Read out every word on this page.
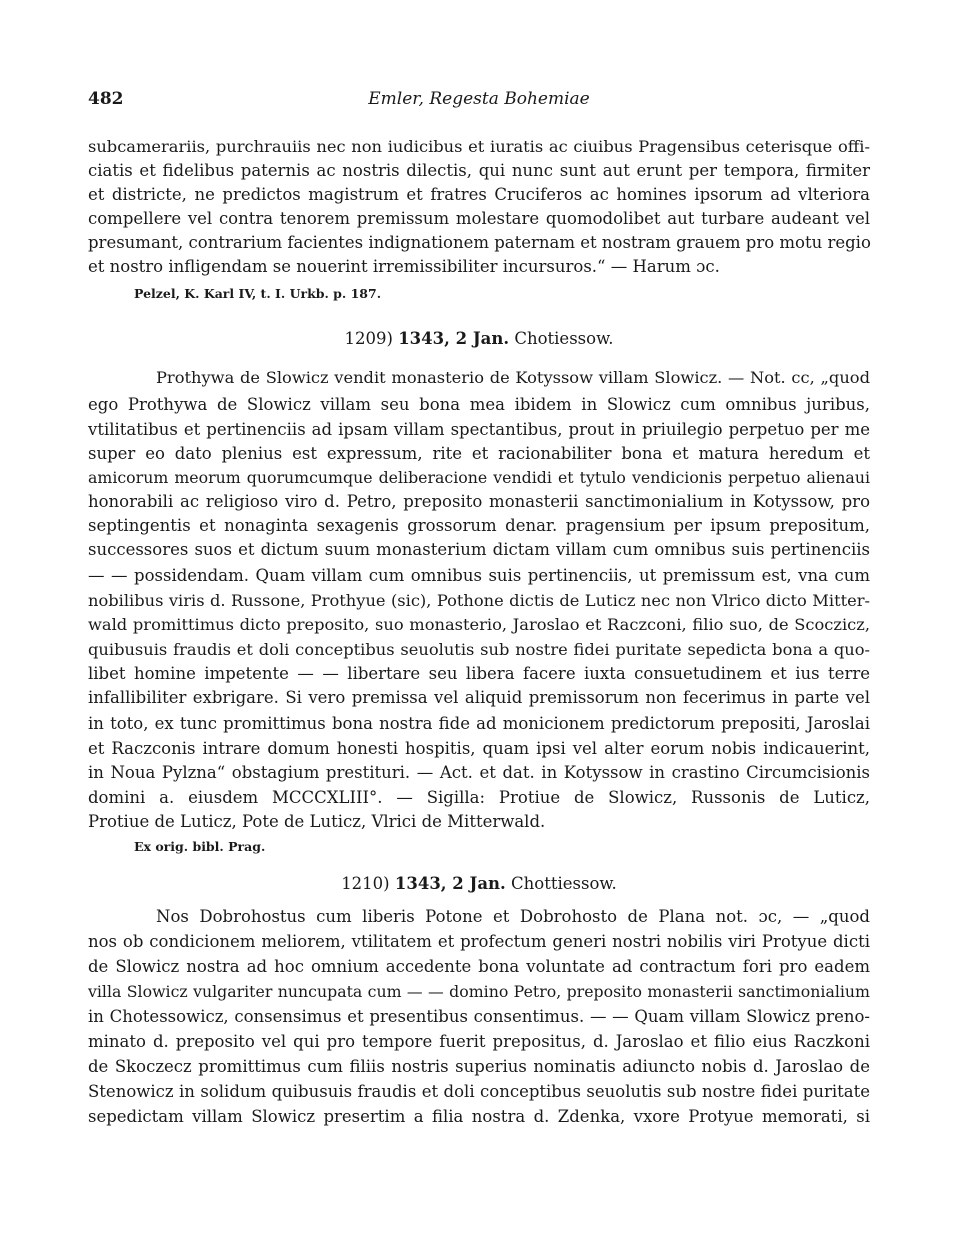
482	Emler, Regesta Bohemiae
subcamerariis, purchrauiis nec non iudicibus et iuratis ac ciuibus Pragensibus ceterisque offi-
ciatis et fidelibus paternis ac nostris dilectis, qui nunc sunt aut erunt per tempora, firmiter
et districte, ne predictos magistrum et fratres Cruciferos ac homines ipsorum ad vlteriora
compellere vel contra tenorem premissum molestare quomodolibet aut turbare audeant vel
presumant, contrarium facientes indignationem paternam et nostram grauem pro motu regio
et nostro infligendam se nouerint irremissibiliter incursuros.“ — Harum ɔc.
Pelzel, K. Karl IV, t. I. Urkb. p. 187.
1209) 1343, 2 Jan. Chotiessow.
Prothywa de Slowicz vendit monasterio de Kotyssow villam Slowicz. — Not. cc, „quod
ego Prothywa de Slowicz villam seu bona mea ibidem in Slowicz cum omnibus juribus,
vtilitatibus et pertinenciis ad ipsam villam spectantibus, prout in priuilegio perpetuo per me
super eo dato plenius est expressum, rite et racionabiliter bona et matura heredum et
amicorum meorum quorumcumque deliberacione vendidi et tytulo vendicionis perpetuo alienaui
honorabili ac religioso viro d. Petro, preposito monasterii sanctimonialium in Kotyssow, pro
septingentis et nonaginta sexagenis grossorum denar. pragensium per ipsum prepositum,
successores suos et dictum suum monasterium dictam villam cum omnibus suis pertinenciis
— — possidendam. Quam villam cum omnibus suis pertinenciis, ut premissum est, vna cum
nobilibus viris d. Russone, Prothyue (sic), Pothone dictis de Luticz nec non Vlrico dicto Mitter-
wald promittimus dicto preposito, suo monasterio, Jaroslao et Raczconi, filio suo, de Scoczicz,
quibusuis fraudis et doli conceptibus seuolutis sub nostre fidei puritate sepedicta bona a quo-
libet homine impetente — — libertare seu libera facere iuxta consuetudinem et ius terre
infallibiliter exbrigare. Si vero premissa vel aliquid premissorum non fecerimus in parte vel
in toto, ex tunc promittimus bona nostra fide ad monicionem predictorum prepositi, Jaroslai
et Raczconis intrare domum honesti hospitis, quam ipsi vel alter eorum nobis indicauerint,
in Noua Pylzna“ obstagium prestituri. — Act. et dat. in Kotyssow in crastino Circumcisionis
domini a. eiusdem MCCCXLIII°. — Sigilla: Protiue de Slowicz, Russonis de Luticz,
Protiue de Luticz, Pote de Luticz, Vlrici de Mitterwald.
Ex orig. bibl. Prag.
1210) 1343, 2 Jan. Chottiessow.
Nos Dobrohostus cum liberis Potone et Dobrohosto de Plana not. ɔc, — „quod
nos ob condicionem meliorem, vtilitatem et profectum generi nostri nobilis viri Protyue dicti
de Slowicz nostra ad hoc omnium accedente bona voluntate ad contractum fori pro eadem
villa Slowicz vulgariter nuncupata cum — — domino Petro, preposito monasterii sanctimonialium
in Chotessowicz, consensimus et presentibus consentimus. — — Quam villam Slowicz preno-
minato d. preposito vel qui pro tempore fuerit prepositus, d. Jaroslao et filio eius Raczkoni
de Skoczecz promittimus cum filiis nostris superius nominatis adiuncto nobis d. Jaroslao de
Stenowicz in solidum quibusuis fraudis et doli conceptibus seuolutis sub nostre fidei puritate
sepedictam villam Slowicz presertim a filia nostra d. Zdenka, vxore Protyue memorati, si
